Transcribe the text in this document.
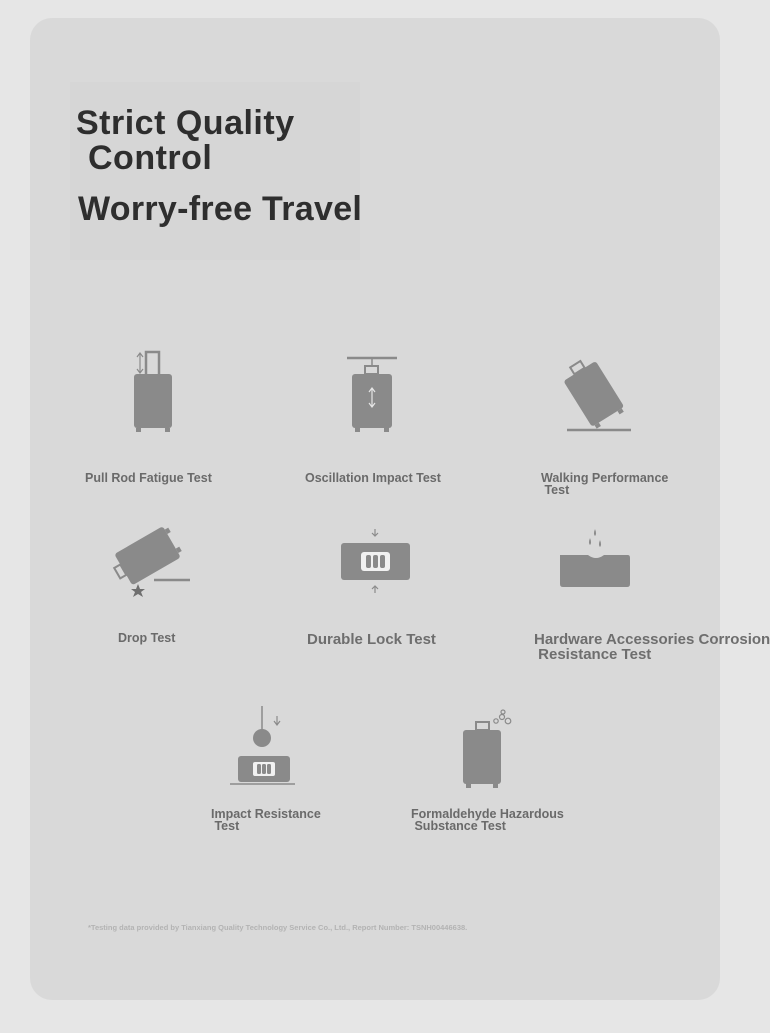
Strict Quality
Control
Worry-free Travel
Pull Rod Fatigue Test	Oscillation Impact Test	Walking Performance
Test
Drop Test	Durable Lock Test	Hardware Accessories Corrosion
Resistance Test
Impact Resistance
Test
Formaldehyde Hazardous
Substance Test
*Testing data provided by Tianxiang Quality Technology Service Co., Ltd., Report Number: TSNH00446638.
